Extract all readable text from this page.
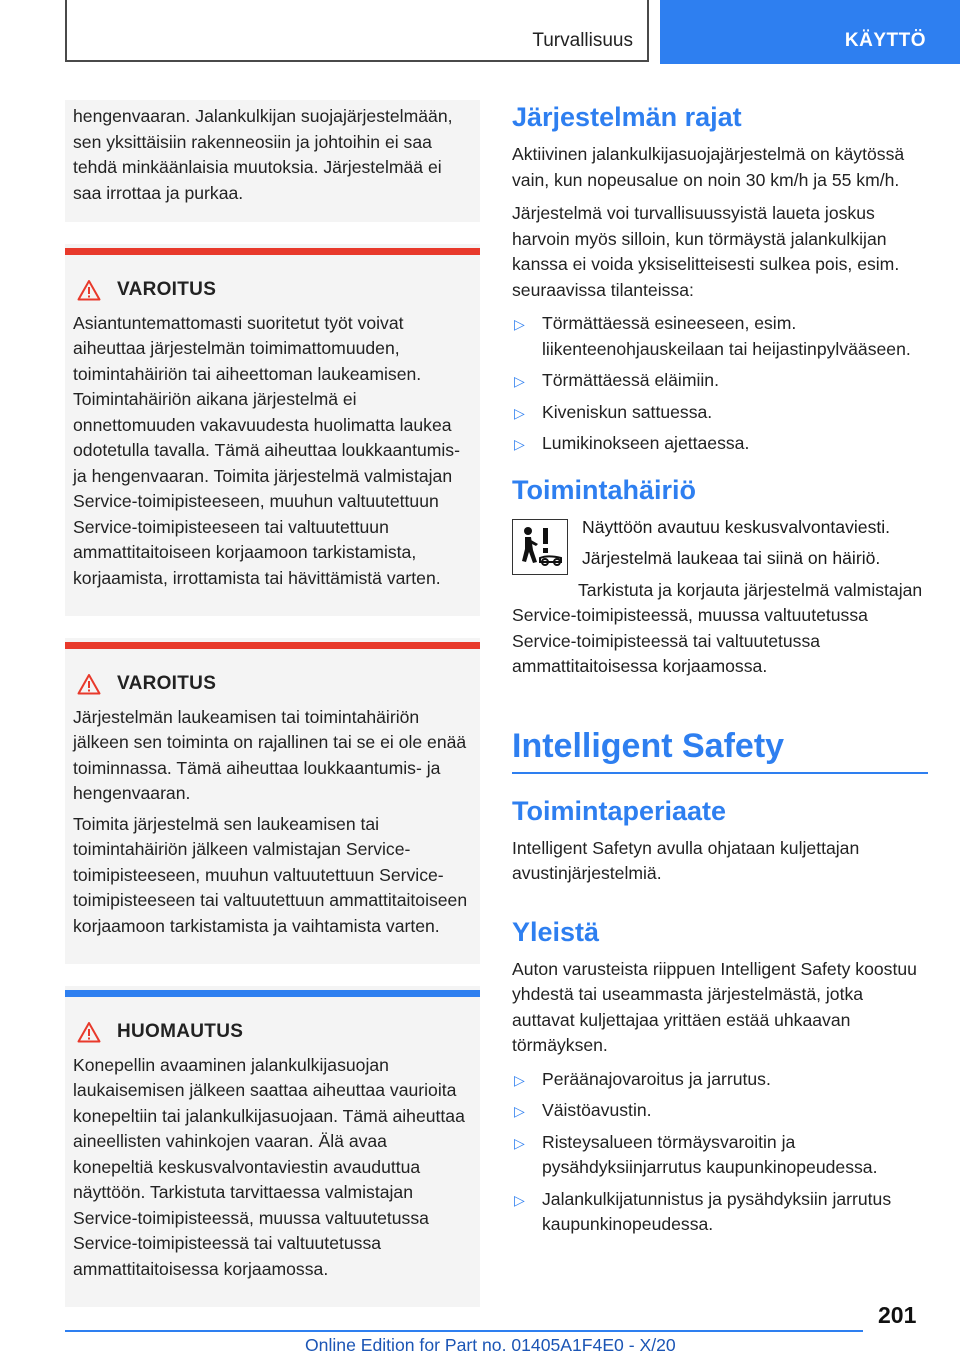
Turvallisuus	KÄYTTÖ

hengenvaaran. Jalankulkijan suojajärjestelmään, sen yksittäisiin rakenneosiin ja johtoihin ei saa tehdä minkäänlaisia muutoksia. Järjestelmää ei saa irrottaa ja purkaa.

VAROITUS

Asiantuntemattomasti suoritetut työt voivat aiheuttaa järjestelmän toimimattomuuden, toimintahäiriön tai aiheettoman laukeamisen. Toimintahäiriön aikana järjestelmä ei onnettomuuden vakavuudesta huolimatta laukea odotetulla tavalla. Tämä aiheuttaa loukkaantumis- ja hengenvaaran. Toimita järjestelmä valmistajan Service-toimipisteeseen, muuhun valtuutettuun Service-toimipisteeseen tai valtuutettuun ammattitaitoiseen korjaamoon tarkistamista, korjaamista, irrottamista tai hävittämistä varten.

VAROITUS

Järjestelmän laukeamisen tai toimintahäiriön jälkeen sen toiminta on rajallinen tai se ei ole enää toiminnassa. Tämä aiheuttaa loukkaantumis- ja hengenvaaran.

Toimita järjestelmä sen laukeamisen tai toimintahäiriön jälkeen valmistajan Service-toimipisteeseen, muuhun valtuutettuun Service-toimipisteeseen tai valtuutettuun ammattitaitoiseen korjaamoon tarkistamista ja vaihtamista varten.

HUOMAUTUS

Konepellin avaaminen jalankulkijasuojan laukaisemisen jälkeen saattaa aiheuttaa vaurioita konepeltiin tai jalankulkijasuojaan. Tämä aiheuttaa aineellisten vahinkojen vaaran. Älä avaa konepeltiä keskusvalvontaviestin avauduttua näyttöön. Tarkistuta tarvittaessa valmistajan Service-toimipisteessä, muussa valtuutetussa Service-toimipisteessä tai valtuutetussa ammattitaitoisessa korjaamossa.

Järjestelmän rajat

Aktiivinen jalankulkijasuojajärjestelmä on käytössä vain, kun nopeusalue on noin 30 km/h ja 55 km/h.

Järjestelmä voi turvallisuussyistä laueta joskus harvoin myös silloin, kun törmäystä jalankulkijan kanssa ei voida yksiselitteisesti sulkea pois, esim. seuraavissa tilanteissa:

▷ Törmättäessä esineeseen, esim. liikenteenohjauskeilaan tai heijastinpylvääseen.
▷ Törmättäessä eläimiin.
▷ Kiveniskun sattuessa.
▷ Lumikinokseen ajettaessa.
Toimintahäiriö

Näyttöön avautuu keskusvalvontaviesti.

Järjestelmä laukeaa tai siinä on häiriö.

Tarkistuta ja korjauta järjestelmä valmistajan Service-toimipisteessä, muussa valtuutetussa Service-toimipisteessä tai valtuutetussa ammattitaitoisessa korjaamossa.

Intelligent Safety
Toimintaperiaate

Intelligent Safetyn avulla ohjataan kuljettajan avustinjärjestelmiä.

Yleistä

Auton varusteista riippuen Intelligent Safety koostuu yhdestä tai useammasta järjestelmästä, jotka auttavat kuljettajaa yrittäen estää uhkaavan törmäyksen.

▷ Peräänajovaroitus ja jarrutus.
▷ Väistöavustin.
▷ Risteysalueen törmäysvaroitin ja pysähdyksiinjarrutus kaupunkinopeudessa.
▷ Jalankulkijatunnistus ja pysähdyksiin jarrutus kaupunkinopeudessa.
201
Online Edition for Part no. 01405A1F4E0 - X/20
